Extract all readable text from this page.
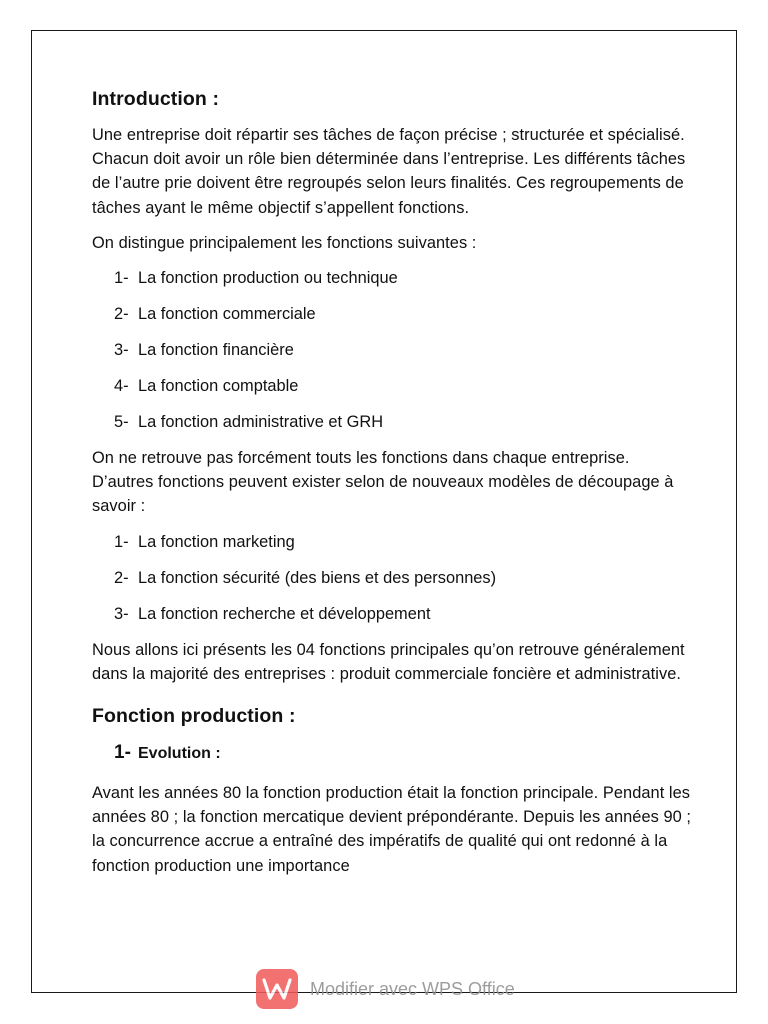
Introduction :

Une entreprise doit répartir ses tâches de façon précise ; structurée et spécialisé. Chacun doit avoir un rôle bien déterminée dans l’entreprise. Les différents tâches de l’autre prie doivent être regroupés selon leurs finalités. Ces regroupements de tâches ayant le même objectif s’appellent fonctions.

On distingue principalement les fonctions suivantes :

1- La fonction production ou technique
2- La fonction commerciale
3- La fonction financière
4- La fonction comptable
5- La fonction administrative et GRH

On ne retrouve pas forcément touts les fonctions dans chaque entreprise. D’autres fonctions peuvent exister selon de nouveaux modèles de découpage à savoir :

1- La fonction marketing
2- La fonction sécurité (des biens et des personnes)
3- La fonction recherche et développement

Nous allons ici présents les 04 fonctions principales qu’on retrouve généralement dans la majorité des entreprises : produit commerciale foncière et administrative.

Fonction production :
1- Evolution :

Avant les années 80 la fonction production était la fonction principale. Pendant les années 80 ; la fonction mercatique devient prépondérante. Depuis les années 90 ; la concurrence accrue a entraîné des impératifs de qualité qui ont redonné à la fonction production une importance

Modifier avec WPS Office
